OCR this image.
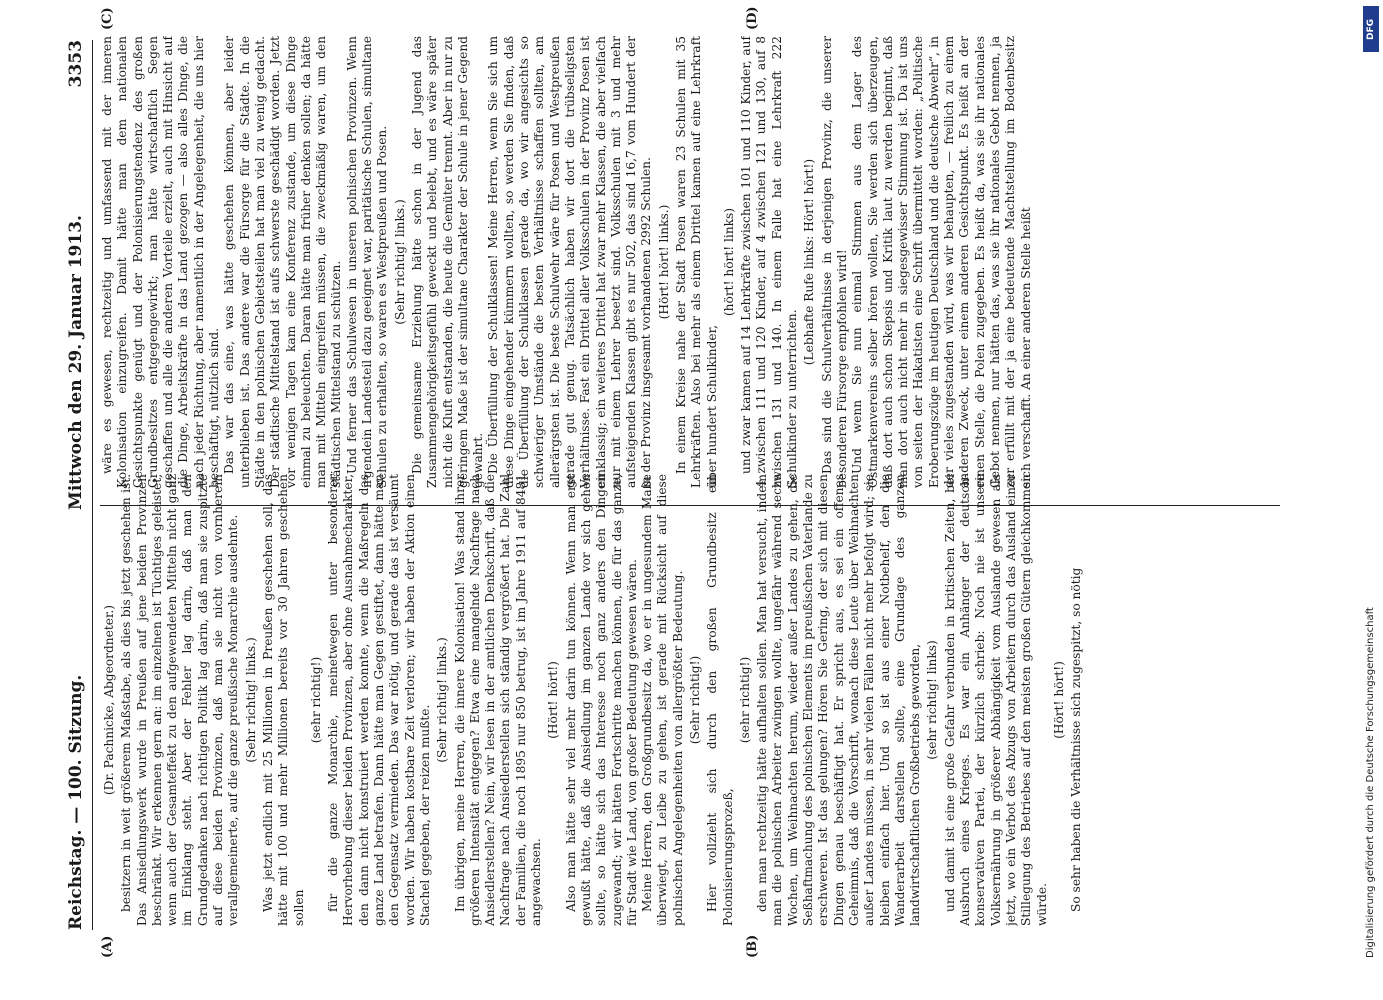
Reichstag. — 100. Sitzung.
Mittwoch den 29. Januar 1913.
3353
(A)	(B)
(C)	(D)

(Dr. Pachnicke, Abgeordneter.) besitzern in weit größerem Maßstabe, als dies bis jetzt geschehen ist. Das Ansiedlungswerk wurde in Preußen auf jene beiden Provinzen beschränkt. Wir erkennen gern an: im einzelnen ist Tüchtiges geleistet, wenn auch der Gesamteffekt zu den aufgewendeten Mitteln nicht ganz im Einklang steht. Aber der Fehler lag darin, daß man den Grundgedanken nach richtigen Politik lag darin, daß man sie zuspitzte auf diese beiden Provinzen, daß man sie nicht von vornherein verallgemeinerte, auf die ganze preußische Monarchie ausdehnte. (Sehr richtig! links.) Was jetzt endlich mit 25 Millionen in Preußen geschehen soll, das hätte mit 100 und mehr Millionen bereits vor 30 Jahren geschehen sollen

(sehr richtig!) für die ganze Monarchie, meinetwegen unter besonderer Hervorhebung dieser beiden Provinzen, aber ohne Ausnahmecharakter, den dann nicht konstruiert werden konnte, wenn die Maßregeln das ganze Land betrafen. Dann hätte man Gegen gestiftet, dann hätte man den Gegensatz vermieden. Das war nötig, und gerade das ist versäumt worden. Wir haben kostbare Zeit verloren; wir haben der Aktion einen Stachel gegeben, der reizen mußte.

(Sehr richtig! links.) Im übrigen, meine Herren, die innere Kolonisation! Was stand ihrer größeren Intensität entgegen? Etwa eine mangelnde Nachfrage nach Ansiedlerstellen? Nein, wir lesen in der amtlichen Denkschrift, daß die Nachfrage nach Ansiedlerstellen sich ständig vergrößert hat. Die Zahl der Familien, die noch 1895 nur 850 betrug, ist im Jahre 1911 auf 8481 angewachsen.

(Hört! hört!) Also man hätte sehr viel mehr darin tun können. Wenn man erst gewußt hätte, daß die Ansiedlung im ganzen Lande vor sich gehen sollte, so hätte sich das Interesse noch ganz anders den Dingen zugewandt; wir hätten Fortschritte machen können, die für das ganze, für Stadt wie Land, von großer Bedeutung gewesen wären. Meine Herren, den Großgrundbesitz da, wo er in ungesundem Maße überwiegt, zu Leibe zu gehen, ist gerade mit Rücksicht auf diese polnischen Angelegenheiten von allergrößter Bedeutung. (Sehr richtig!) Hier vollzieht sich durch den großen Grundbesitz ein Polonisierungsprozeß,

(sehr richtig!) den man rechtzeitig hätte aufhalten sollen. Man hat versucht, indem man die polnischen Arbeiter zwingen wollte, ungefähr während sechs Wochen, um Weihnachten herum, wieder außer Landes zu gehen, die Seßhaftmachung des polnischen Elements im preußischen Vaterlande zu erschweren. Ist das gelungen? Hören Sie Gering, der sich mit diesen Dingen genau beschäftigt hat. Er spricht aus, es sei ein offenes Geheimnis, daß die Vorschrift, wonach diese Leute über Weihnachten außer Landes müssen, in sehr vielen Fällen nicht mehr befolgt wird; sie bleiben einfach hier. Und so ist aus einer Notbehelf, den die Wanderarbeit darstellen sollte, eine Grundlage des ganzen landwirtschaftlichen Großbetriebs geworden, (sehr richtig! links) und damit ist eine große Gefahr verbunden in kritischen Zeiten, bei Ausbruch eines Krieges. Es war ein Anhänger der deutsch-konservativen Partei, der kürzlich schrieb: Noch nie ist unsere Volksernährung in größerer Abhängigkeit vom Auslande gewesen als jetzt, wo ein Verbot des Abzugs von Arbeitern durch das Ausland einer Stillegung des Betriebes auf den meisten großen Gütern gleichkommen würde.

(Hört! hört!) So sehr haben die Verhältnisse sich zugespitzt, so nötig

wäre es gewesen, rechtzeitig und umfassend mit der inneren Kolonisation einzugreifen. Damit hätte man dem nationalen Gesichtspunkte genügt und der Polonisierungstendenz des großen Grundbesitzes entgegengewirkt; man hätte wirtschaftlich Segen geschaffen und alle die anderen Vorteile erzielt, auch mit Hinsicht auf die Dinge, Arbeitskräfte in das Land gezogen — also alles Dinge, die nach jeder Richtung, aber namentlich in der Angelegenheit, die uns hier beschäftigt, nützlich sind. Das war das eine, was hätte geschehen können, aber leider unterblieben ist. Das andere war die Fürsorge für die Städte. In die Städte in den polnischen Gebietsteilen hat man viel zu wenig gedacht. Der städtische Mittelstand ist aufs schwerste geschädigt worden. Jetzt vor wenigen Tagen kam eine Konferenz zustande, um diese Dinge einmal zu beleuchten. Daran hätte man früher denken sollen; da hätte man mit Mitteln eingreifen müssen, die zweckmäßig waren, um den städtischen Mittelstand zu schützen. Und ferner das Schulwesen in unseren polnischen Provinzen. Wenn irgendein Landesteil dazu geeignet war, paritätische Schulen, simultane Schulen zu erhalten, so waren es Westpreußen und Posen. (Sehr richtig! links.) Die gemeinsame Erziehung hätte schon in der Jugend das Zusammengehörigkeitsgefühl geweckt und belebt, und es wäre später nicht die Kluft entstanden, die heute die Gemüter trennt. Aber in nur zu geringem Maße ist der simultane Charakter der Schule in jener Gegend gewahrt. Die Überfüllung der Schulklassen! Meine Herren, wenn Sie sich um diese Dinge eingehender kümmern wollten, so werden Sie finden, daß die Überfüllung der Schulklassen gerade da, wo wir angesichts so schwieriger Umstände die besten Verhältnisse schaffen sollten, am allerärgsten ist. Die beste Schulwehr wäre für Posen und Westpreußen gerade gut genug. Tatsächlich haben wir dort die trübseligsten Verhältnisse. Fast ein Drittel aller Volksschulen in der Provinz Posen ist einklassig; ein weiteres Drittel hat zwar mehr Klassen, die aber vielfach nur mit einem Lehrer besetzt sind. Volksschulen mit 3 und mehr aufsteigenden Klassen gibt es nur 502, das sind 16,7 vom Hundert der in der Provinz insgesamt vorhandenen 2992 Schulen. (Hört! hört! links.) In einem Kreise nahe der Stadt Posen waren 23 Schulen mit 35 Lehrkräften. Also bei mehr als einem Drittel kamen auf eine Lehrkraft über hundert Schulkinder,

(hört! hört! links) und zwar kamen auf 14 Lehrkräfte zwischen 101 und 110 Kinder, auf 4 zwischen 111 und 120 Kinder, auf 4 zwischen 121 und 130, auf 8 zwischen 131 und 140. In einem Falle hat eine Lehrkraft 222 Schulkinder zu unterrichten.

(Lebhafte Rufe links: Hört! hört!) Das sind die Schulverhältnisse in derjenigen Provinz, die unserer besonderen Fürsorge empfohlen wird! Und wenn Sie nun einmal Stimmen aus dem Lager des Ostmarkenvereins selber hören wollen, Sie werden sich überzeugen, daß dort auch schon Skepsis und Kritik laut zu werden beginnt, daß man dort auch nicht mehr in siegesgewisser Stimmung ist. Da ist uns von seiten der Hakatisten eine Schrift übermittelt worden: „Politische Eroberungszüge im heutigen Deutschland und die deutsche Abwehr“, in der vieles zugestanden wird, was wir behaupten, — freilich zu einem anderen Zweck, unter einem anderen Gesichtspunkt. Es heißt an der einen Stelle, die Polen zugegeben. Es heißt da, was sie ihr nationales Gebot nennen, nur hätten das, was sie ihr nationales Gebot nennen, ja zur erfüllt mit der ja eine bedeutende Machtstellung im Bodenbesitz sich verschafft. An einer anderen Stelle heißt

DFG
Digitalisierung gefördert durch die Deutsche Forschungsgemeinschaft
